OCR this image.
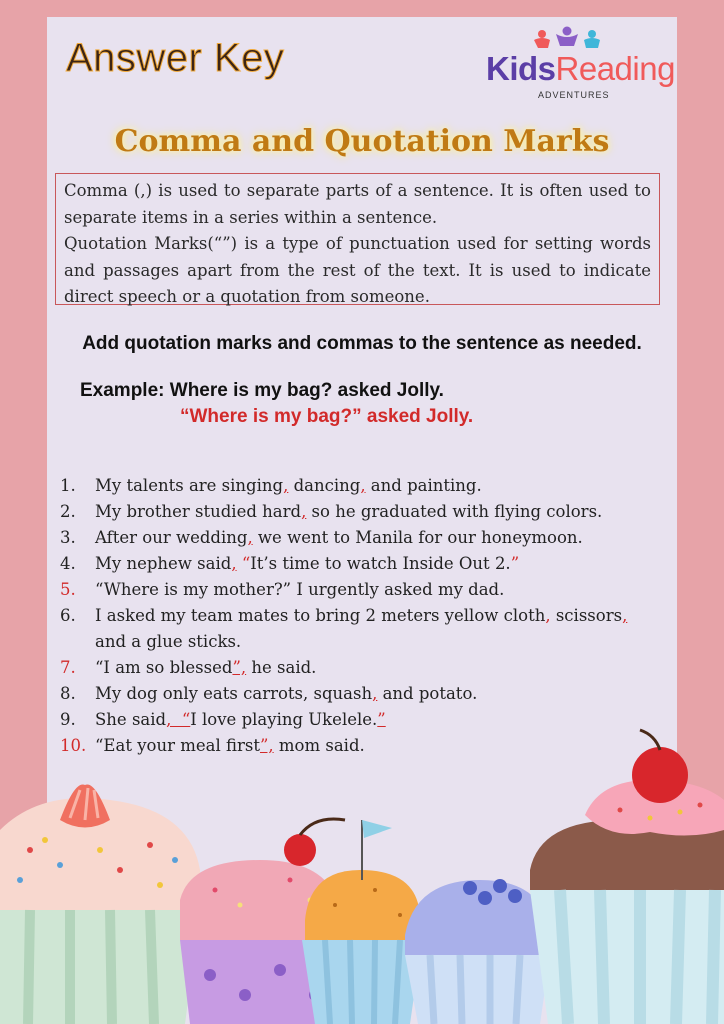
Answer Key	KidsReading
ADVENTURES
Comma and Quotation Marks

Comma (,) is used to separate parts of a sentence. It is often used to separate items in a series within a sentence.

Quotation Marks(“”) is a type of punctuation used for setting words and passages apart from the rest of the text. It is used to indicate direct speech or a quotation from someone.

Add quotation marks and commas to the sentence as needed.
Example: Where is my bag? asked Jolly.
“Where is my bag?” asked Jolly.
1.	My talents are singing, dancing, and painting.
2.	My brother studied hard, so he graduated with flying colors.
3.	After our wedding, we went to Manila for our honeymoon.
4.	My nephew said, “It’s time to watch Inside Out 2.”
5.	“Where is my mother?” I urgently asked my dad.
6.	I asked my team mates to bring 2 meters yellow cloth, scissors, and a glue sticks.
7.	“I am so blessed”, he said.
8.	My dog only eats carrots, squash, and potato.
9.	She said,  “I love playing Ukelele.”
10. “Eat your meal first”, mom said.
